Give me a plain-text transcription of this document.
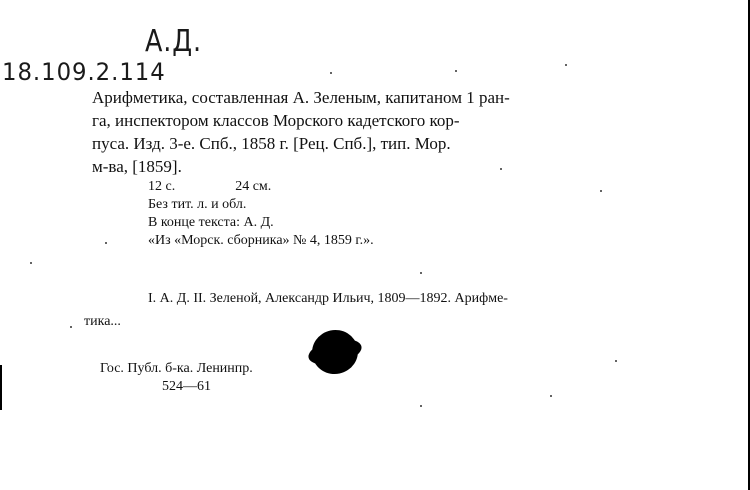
А.Д.
18.109.2.114
Арифметика, составленная А. Зеленым, капитаном 1 ран-
га, инспектором классов Морского кадетского кор-
пуса. Изд. 3-е. Спб., 1858 г. [Рец. Спб.], тип. Мор.
м-ва, [1859].
12 с.	24 см.
Без тит. л. и обл.
В конце текста: А. Д.
«Из «Морск. сборника» № 4, 1859 г.».
I. А. Д. II. Зеленой, Александр Ильич, 1809—1892. Арифме-
тика...
Гос. Публ. б-ка. Ленинпр.
524—61
